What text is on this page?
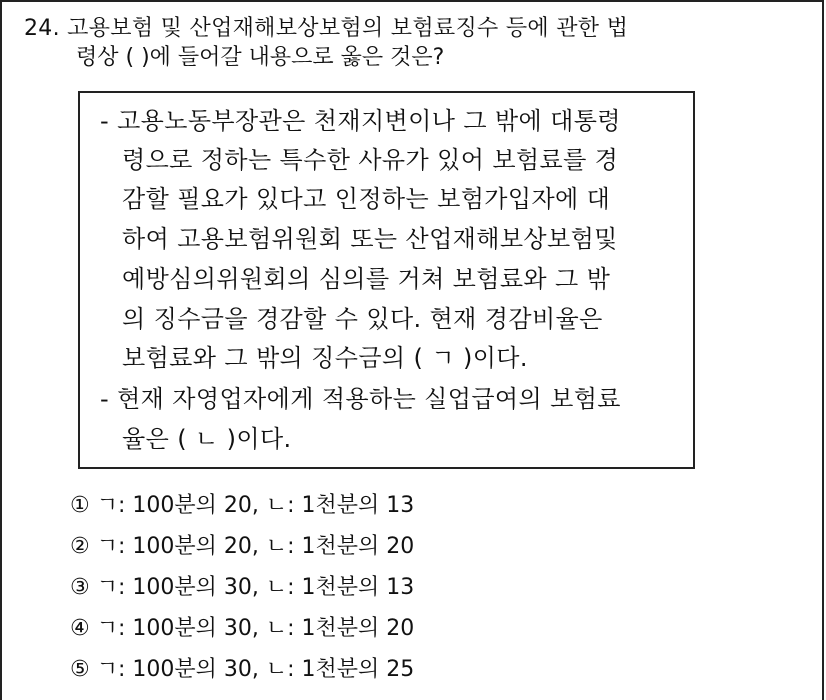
24. 고용보험 및 산업재해보상보험의 보험료징수 등에 관한 법
령상 ( )에 들어갈 내용으로 옳은 것은?
- 고용노동부장관은 천재지변이나 그 밖에 대통령
령으로 정하는 특수한 사유가 있어 보험료를 경
감할 필요가 있다고 인정하는 보험가입자에 대
하여 고용보험위원회 또는 산업재해보상보험및
예방심의위원회의 심의를 거쳐 보험료와 그 밖
의 징수금을 경감할 수 있다. 현재 경감비율은
보험료와 그 밖의 징수금의 ( ㄱ )이다.
- 현재 자영업자에게 적용하는 실업급여의 보험료
율은 ( ㄴ )이다.
① ㄱ: 100분의 20, ㄴ: 1천분의 13
② ㄱ: 100분의 20, ㄴ: 1천분의 20
③ ㄱ: 100분의 30, ㄴ: 1천분의 13
④ ㄱ: 100분의 30, ㄴ: 1천분의 20
⑤ ㄱ: 100분의 30, ㄴ: 1천분의 25
